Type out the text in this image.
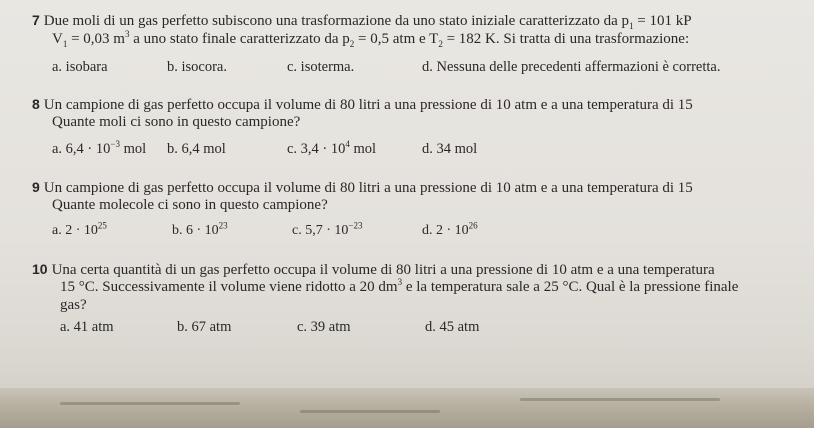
7 Due moli di un gas perfetto subiscono una trasformazione da uno stato iniziale caratterizzato da $p_1 = 101$ kP
$V_1 = 0,03$ $m^3$ a uno stato finale caratterizzato da $p_2 = 0,5$ atm e $T_2 = 182$ K. Si tratta di una trasformazione:
a. isobara	b. isocora.	c. isoterma.	d. Nessuna delle precedenti affermazioni è corretta.
8 Un campione di gas perfetto occupa il volume di 80 litri a una pressione di 10 atm e a una temperatura di 15
Quante moli ci sono in questo campione?
a. $6,4 \cdot 10^{-3}$ mol b. 6,4 mol	c. $3,4 \cdot 10^4$ mol	d. 34 mol
9 Un campione di gas perfetto occupa il volume di 80 litri a una pressione di 10 atm e a una temperatura di 15
Quante molecole ci sono in questo campione?
a. $2 \cdot 10^{25}$	b. $6 \cdot 10^{23}$	c. $5,7 \cdot 10^{-23}$	d. $2 \cdot 10^{26}$
10 Una certa quantità di un gas perfetto occupa il volume di 80 litri a una pressione di 10 atm e a una temperatura
15 °C. Successivamente il volume viene ridotto a 20 $dm^3$ e la temperatura sale a 25 °C. Qual è la pressione finale
gas?
a. 41 atm	b. 67 atm	c. 39 atm	d. 45 atm
